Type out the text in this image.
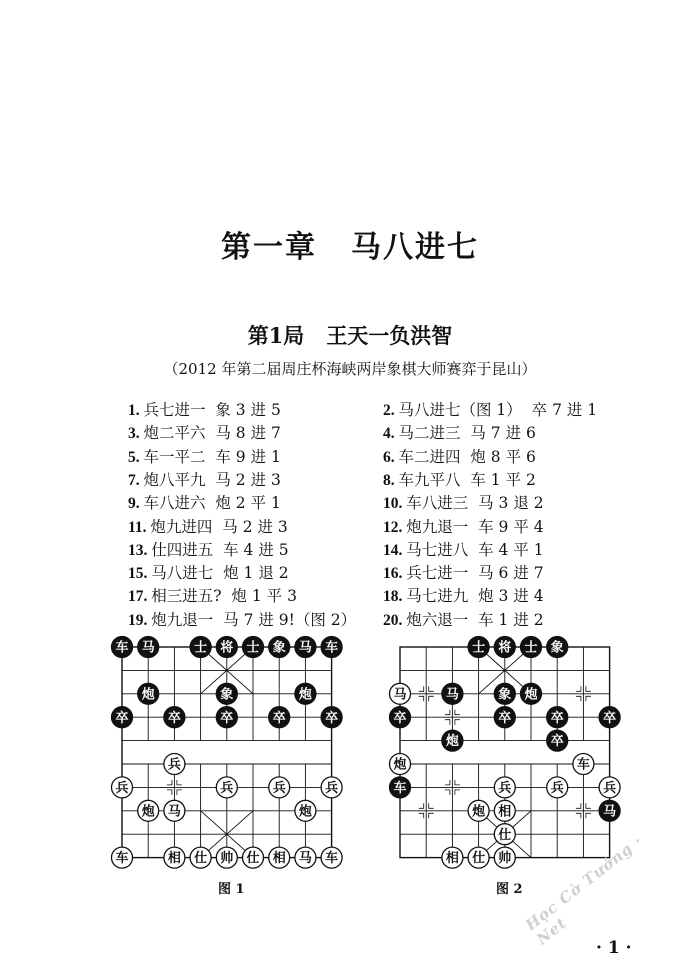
第一章 马八进七
第1局 王天一负洪智
（2012 年第二届周庄杯海峡两岸象棋大师赛弈于昆山）
1. 兵七进一 象 3 进 5	2. 马八进七（图 1） 卒 7 进 1
3. 炮二平六 马 8 进 7	4. 马二进三 马 7 进 6
5. 车一平二 车 9 进 1	6. 车二进四 炮 8 平 6
7. 炮八平九 马 2 进 3	8. 车九平八 车 1 平 2
9. 车八进六 炮 2 平 1	10. 车八进三 马 3 退 2
11. 炮九进四 马 2 进 3	12. 炮九退一 车 9 平 4
13. 仕四进五 车 4 进 5	14. 马七进八 车 4 平 1
15. 马八进七 炮 1 退 2	16. 兵七进一 马 6 进 7
17. 相三进五? 炮 1 平 3	18. 马七进九 炮 3 进 4
19. 炮九退一 马 7 进 9!（图 2） 20. 炮六退一 车 1 进 2
车 马	士 将 士 象 马 车
炮	象	炮
卒	卒	卒	卒	卒
兵
兵	兵	兵	兵
炮 马	炮
车	相 仕 帅 仕 相 马 车
士 将 士 象
马	马	象 炮
卒	卒	卒	卒
炮	卒
炮	车
车	兵	兵	兵
炮 相	马
仕
相 仕 帅
图 1	图 2
· 1 ·
Học Cờ Tướng · Net
